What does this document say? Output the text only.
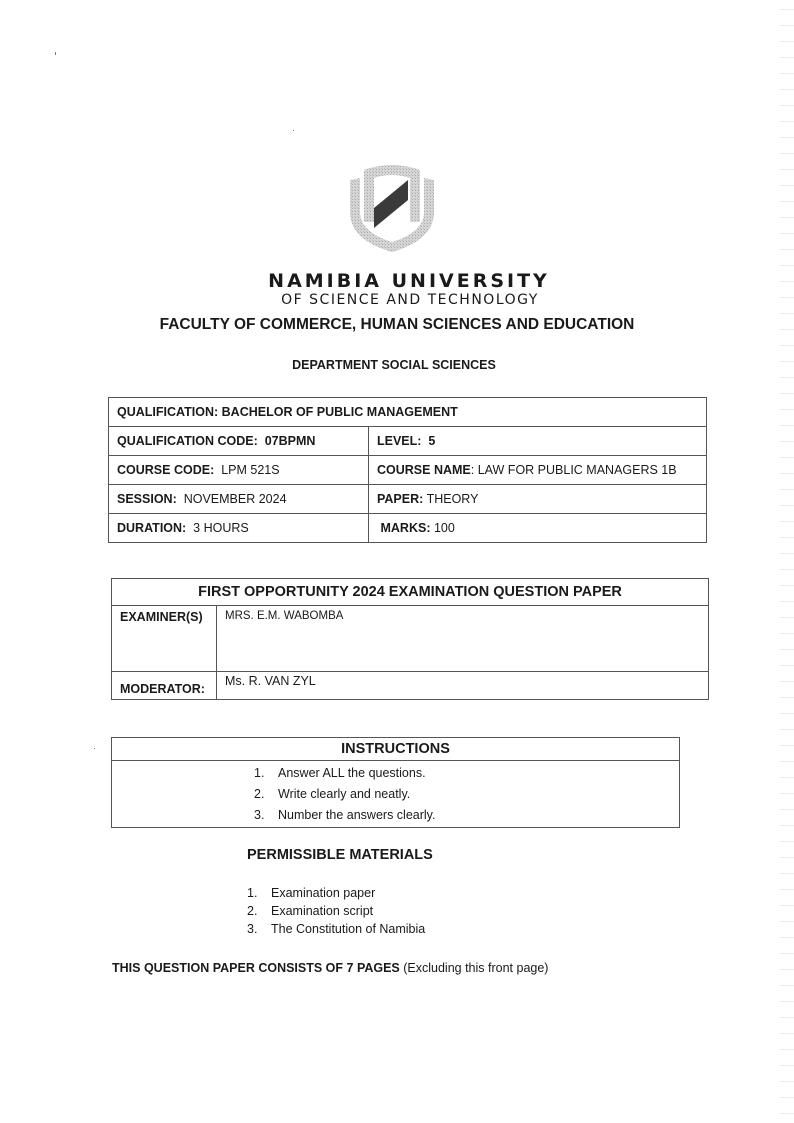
NAMIBIA UNIVERSITY
OF SCIENCE AND TECHNOLOGY
FACULTY OF COMMERCE, HUMAN SCIENCES AND EDUCATION
DEPARTMENT SOCIAL SCIENCES
QUALIFICATION: BACHELOR OF PUBLIC MANAGEMENT	
QUALIFICATION CODE: 07BPMN	LEVEL: 5
COURSE CODE: LPM 521S	COURSE NAME: LAW FOR PUBLIC MANAGERS 1B
SESSION: NOVEMBER 2024	PAPER: THEORY
DURATION: 3 HOURS	MARKS: 100
FIRST OPPORTUNITY 2024 EXAMINATION QUESTION PAPER	
EXAMINER(S)	MRS. E.M. WABOMBA
MODERATOR:	Ms. R. VAN ZYL
INSTRUCTIONS

1.	Answer ALL the questions.
2.	Write clearly and neatly.
3.	Number the answers clearly.
PERMISSIBLE MATERIALS
1.	Examination paper
2.	Examination script
3.	The Constitution of Namibia
THIS QUESTION PAPER CONSISTS OF 7 PAGES (Excluding this front page)
